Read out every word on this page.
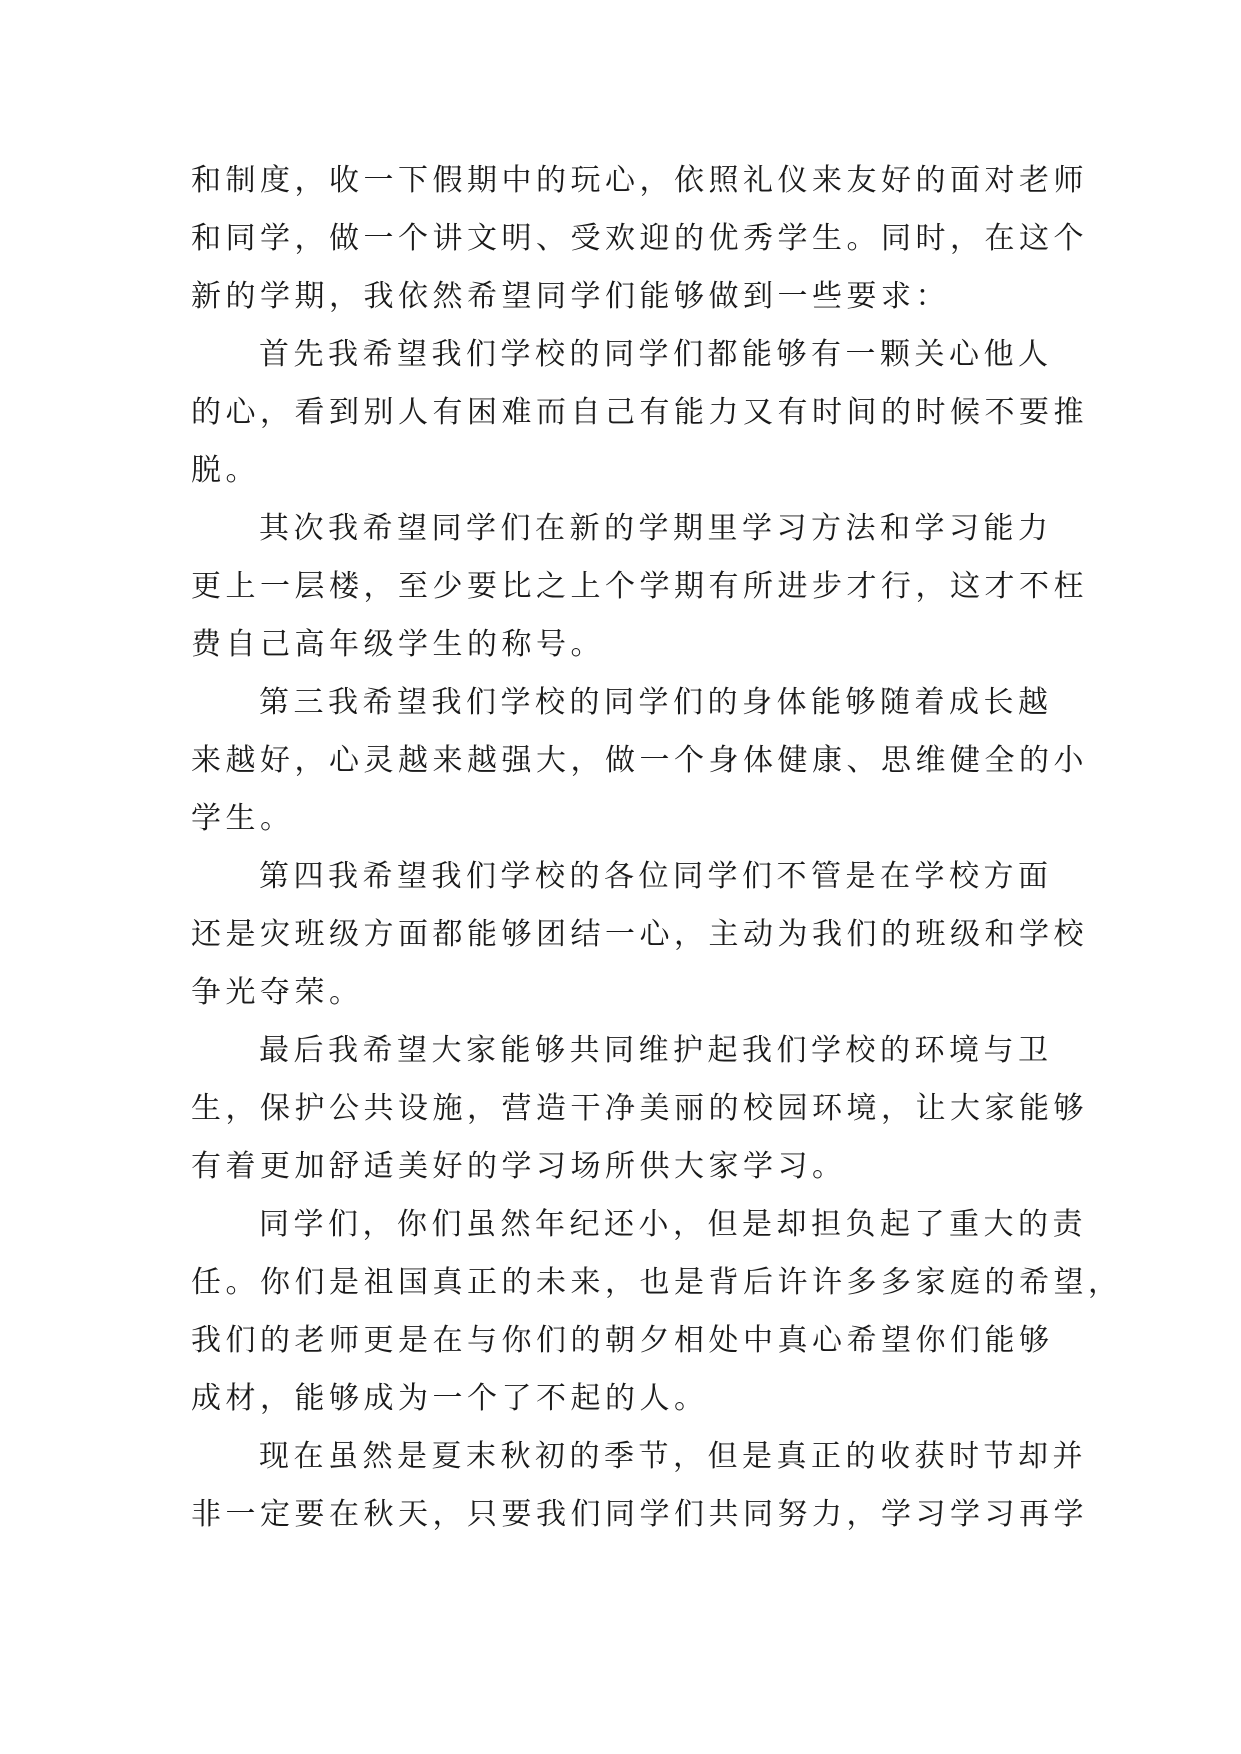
和制度，收一下假期中的玩心，依照礼仪来友好的面对老师
和同学，做一个讲文明、受欢迎的优秀学生。同时，在这个
新的学期，我依然希望同学们能够做到一些要求：
首先我希望我们学校的同学们都能够有一颗关心他人
的心，看到别人有困难而自己有能力又有时间的时候不要推
脱。
其次我希望同学们在新的学期里学习方法和学习能力
更上一层楼，至少要比之上个学期有所进步才行，这才不枉
费自己高年级学生的称号。
第三我希望我们学校的同学们的身体能够随着成长越
来越好，心灵越来越强大，做一个身体健康、思维健全的小
学生。
第四我希望我们学校的各位同学们不管是在学校方面
还是灾班级方面都能够团结一心，主动为我们的班级和学校
争光夺荣。
最后我希望大家能够共同维护起我们学校的环境与卫
生，保护公共设施，营造干净美丽的校园环境，让大家能够
有着更加舒适美好的学习场所供大家学习。
同学们，你们虽然年纪还小，但是却担负起了重大的责
任。你们是祖国真正的未来，也是背后许许多多家庭的希望，
我们的老师更是在与你们的朝夕相处中真心希望你们能够
成材，能够成为一个了不起的人。
现在虽然是夏末秋初的季节，但是真正的收获时节却并
非一定要在秋天，只要我们同学们共同努力，学习学习再学
